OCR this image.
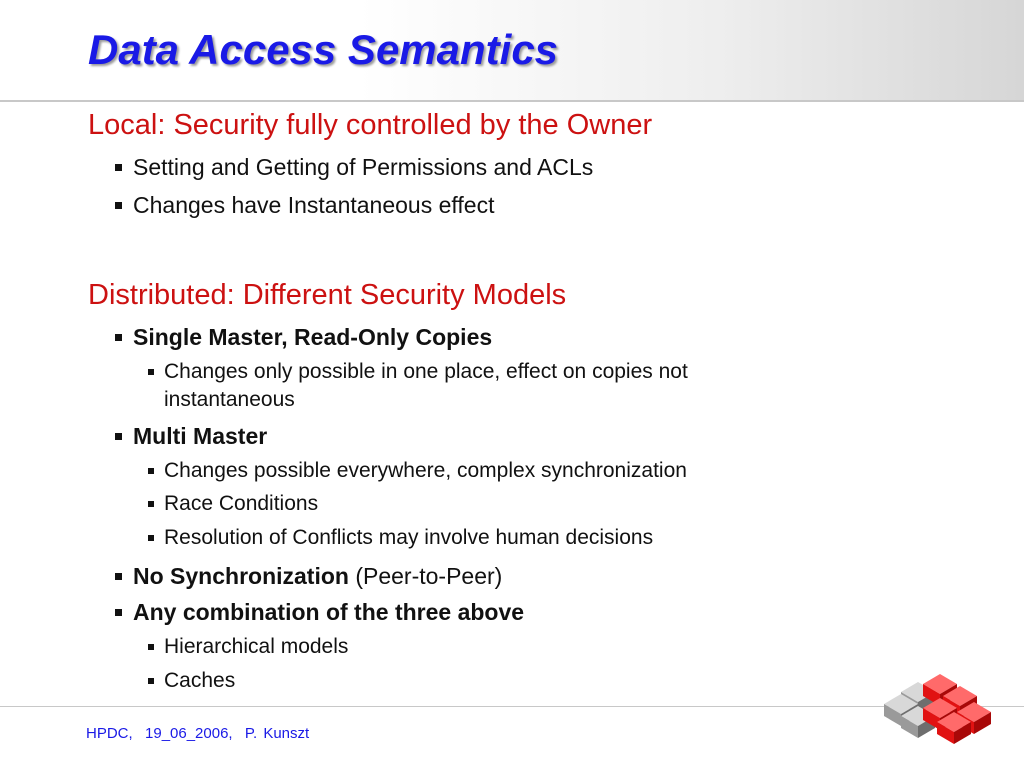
Data Access Semantics
Local: Security fully controlled by the Owner
Setting and Getting of Permissions and ACLs
Changes have Instantaneous effect
Distributed: Different Security Models
Single Master, Read-Only Copies
Changes only possible in one place, effect on copies not
instantaneous
Multi Master
Changes possible everywhere, complex synchronization
Race Conditions
Resolution of Conflicts may involve human decisions
No Synchronization (Peer-to-Peer)
Any combination of the three above
Hierarchical models
Caches
HPDC,  19_06_2006,  P. Kunszt
